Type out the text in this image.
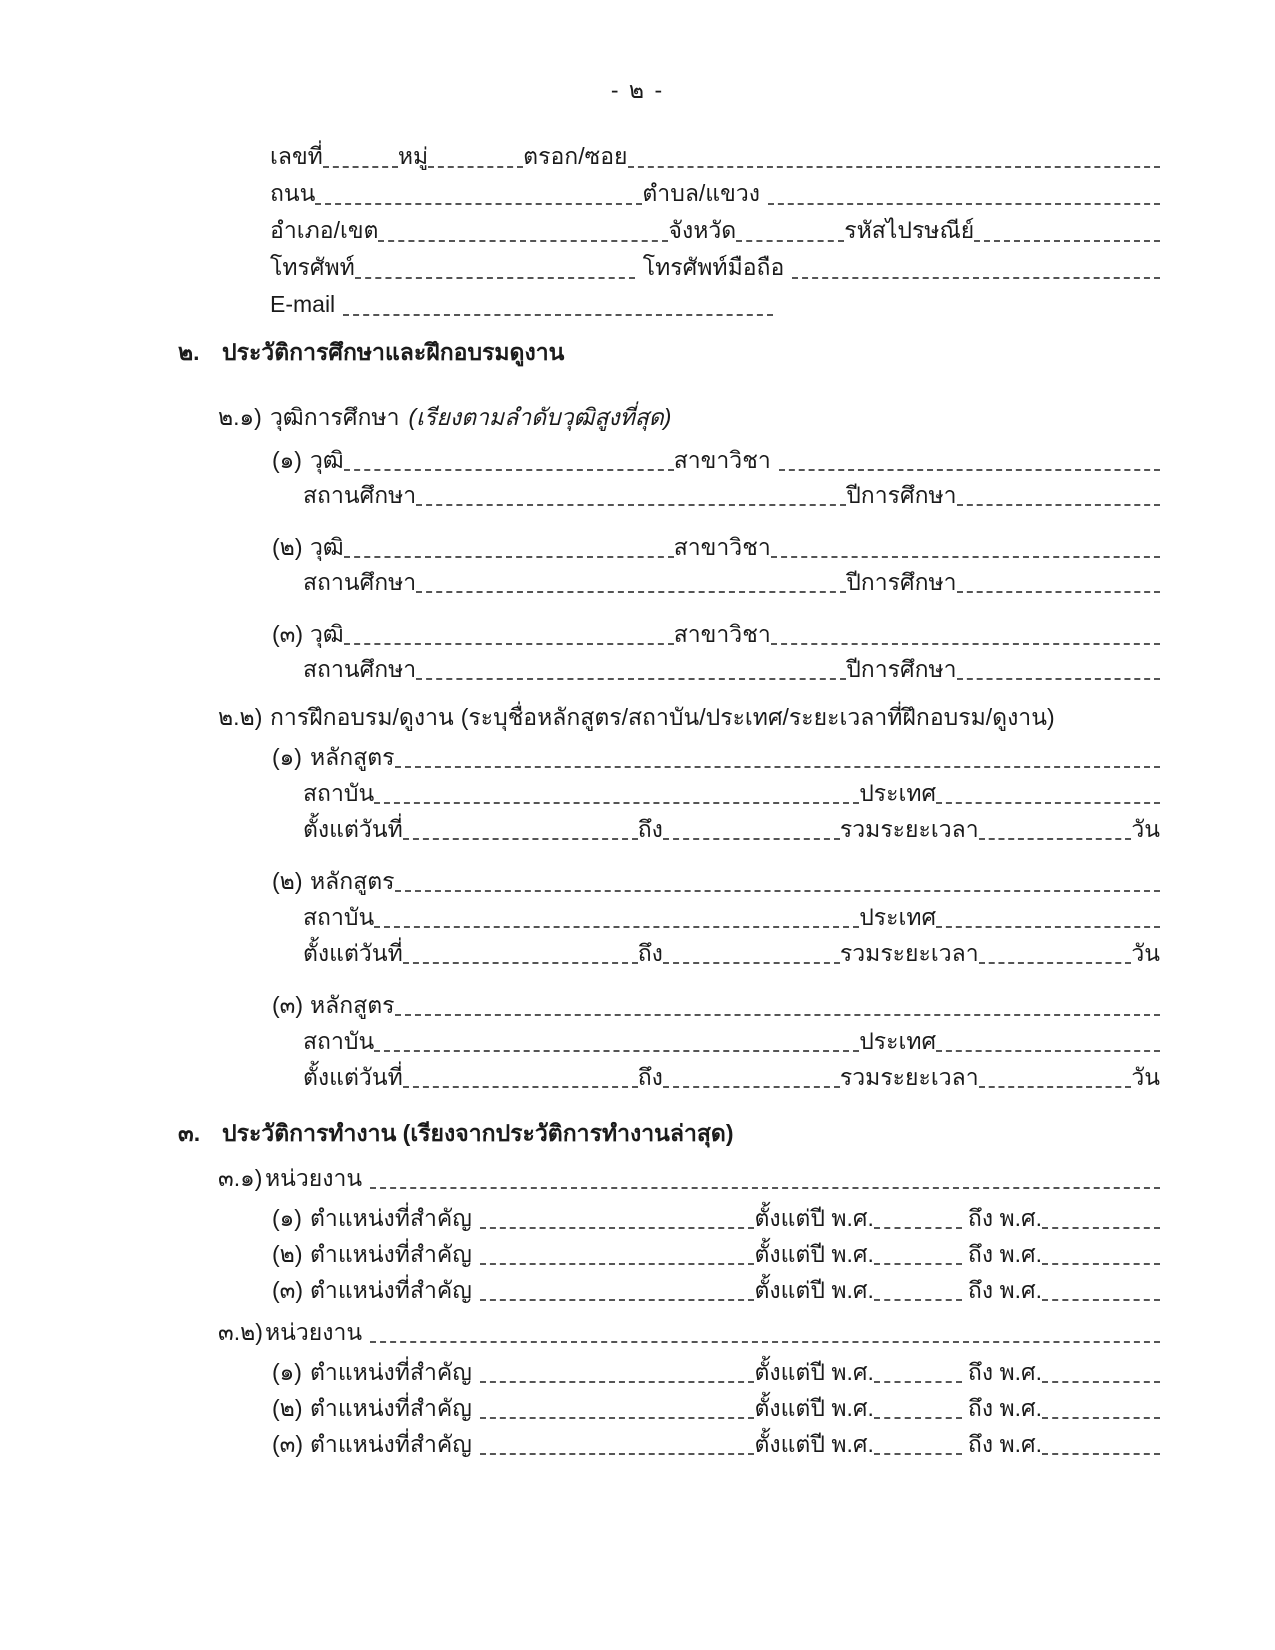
- ๒ -
เลขที่	หมู่	ตรอก/ซอย
ถนน	ตำบล/แขวง
อำเภอ/เขต	จังหวัด	รหัสไปรษณีย์
โทรศัพท์	โทรศัพท์มือถือ
E-mail
๒. ประวัติการศึกษาและฝึกอบรมดูงาน
๒.๑) วุฒิการศึกษา (เรียงตามลำดับวุฒิสูงที่สุด)
(๑) วุฒิ	สาขาวิชา
สถานศึกษา	ปีการศึกษา
(๒) วุฒิ	สาขาวิชา
สถานศึกษา	ปีการศึกษา
(๓) วุฒิ	สาขาวิชา
สถานศึกษา	ปีการศึกษา
๒.๒) การฝึกอบรม/ดูงาน (ระบุชื่อหลักสูตร/สถาบัน/ประเทศ/ระยะเวลาที่ฝึกอบรม/ดูงาน)
(๑) หลักสูตร
สถาบัน	ประเทศ
ตั้งแต่วันที่	ถึง	รวมระยะเวลา	วัน
(๒) หลักสูตร
สถาบัน	ประเทศ
ตั้งแต่วันที่	ถึง	รวมระยะเวลา	วัน
(๓) หลักสูตร
สถาบัน	ประเทศ
ตั้งแต่วันที่	ถึง	รวมระยะเวลา	วัน
๓. ประวัติการทำงาน (เรียงจากประวัติการทำงานล่าสุด)
๓.๑) หน่วยงาน
(๑) ตำแหน่งที่สำคัญ	ตั้งแต่ปี พ.ศ.	ถึง พ.ศ.
(๒) ตำแหน่งที่สำคัญ	ตั้งแต่ปี พ.ศ.	ถึง พ.ศ.
(๓) ตำแหน่งที่สำคัญ	ตั้งแต่ปี พ.ศ.	ถึง พ.ศ.
๓.๒) หน่วยงาน
(๑) ตำแหน่งที่สำคัญ	ตั้งแต่ปี พ.ศ.	ถึง พ.ศ.
(๒) ตำแหน่งที่สำคัญ	ตั้งแต่ปี พ.ศ.	ถึง พ.ศ.
(๓) ตำแหน่งที่สำคัญ	ตั้งแต่ปี พ.ศ.	ถึง พ.ศ.
